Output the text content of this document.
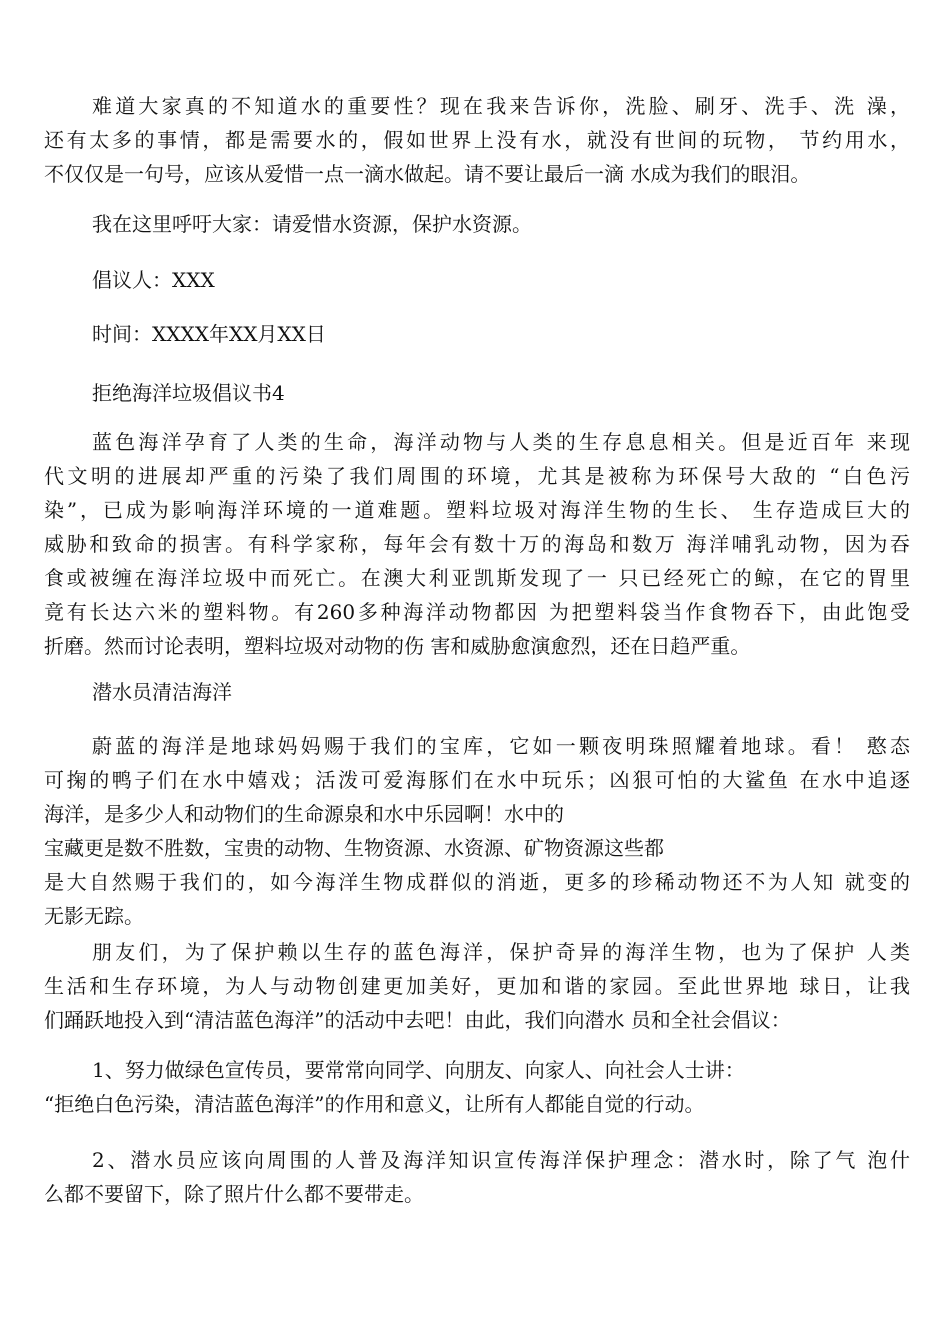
难道大家真的不知道水的重要性？现在我来告诉你，洗脸、刷牙、洗手、洗 澡，
还有太多的事情，都是需要水的，假如世界上没有水，就没有世间的玩物， 节约用水，
不仅仅是一句号，应该从爱惜一点一滴水做起。请不要让最后一滴 水成为我们的眼泪。
我在这里呼吁大家：请爱惜水资源，保护水资源。
倡议人：XXX
时间：XXXX年XX月XX日
拒绝海洋垃圾倡议书4
蓝色海洋孕育了人类的生命，海洋动物与人类的生存息息相关。但是近百年 来现
代文明的进展却严重的污染了我们周围的环境，尤其是被称为环保号大敌的 “白色污
染”，已成为影响海洋环境的一道难题。塑料垃圾对海洋生物的生长、 生存造成巨大的
威胁和致命的损害。有科学家称，每年会有数十万的海岛和数万 海洋哺乳动物，因为吞
食或被缠在海洋垃圾中而死亡。在澳大利亚凯斯发现了一 只已经死亡的鲸，在它的胃里
竟有长达六米的塑料物。有260多种海洋动物都因 为把塑料袋当作食物吞下，由此饱受
折磨。然而讨论表明，塑料垃圾对动物的伤 害和威胁愈演愈烈，还在日趋严重。
潜水员清洁海洋
蔚蓝的海洋是地球妈妈赐于我们的宝库，它如一颗夜明珠照耀着地球。看！ 憨态
可掬的鸭子们在水中嬉戏；活泼可爱海豚们在水中玩乐；凶狠可怕的大鲨鱼 在水中追逐
海洋，是多少人和动物们的生命源泉和水中乐园啊！水中的
宝藏更是数不胜数，宝贵的动物、生物资源、水资源、矿物资源这些都
是大自然赐于我们的，如今海洋生物成群似的消逝，更多的珍稀动物还不为人知 就变的
无影无踪。
朋友们，为了保护赖以生存的蓝色海洋，保护奇异的海洋生物，也为了保护 人类
生活和生存环境，为人与动物创建更加美好，更加和谐的家园。至此世界地 球日，让我
们踊跃地投入到“清洁蓝色海洋”的活动中去吧！由此，我们向潜水 员和全社会倡议：
1、努力做绿色宣传员，要常常向同学、向朋友、向家人、向社会人士讲：
“拒绝白色污染，清洁蓝色海洋”的作用和意义，让所有人都能自觉的行动。
2、潜水员应该向周围的人普及海洋知识宣传海洋保护理念：潜水时，除了气 泡什
么都不要留下，除了照片什么都不要带走。
